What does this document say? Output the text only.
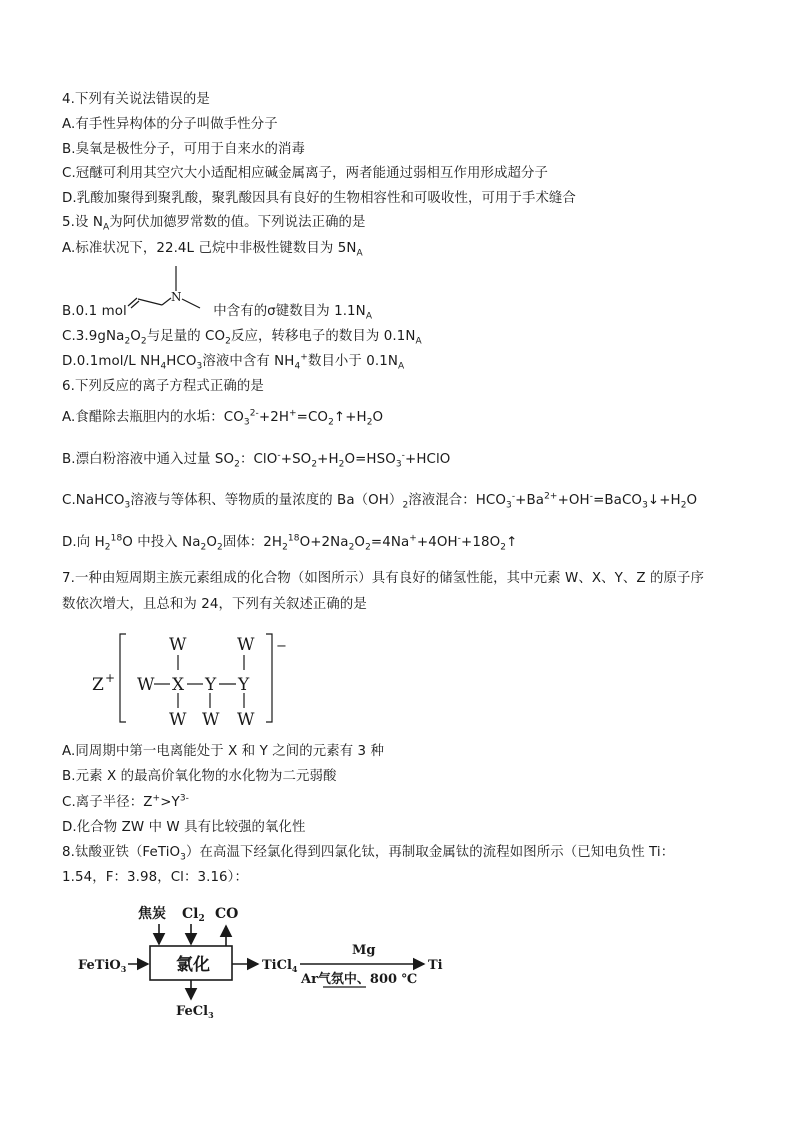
4.下列有关说法错误的是
A.有手性异构体的分子叫做手性分子
B.臭氧是极性分子，可用于自来水的消毒
C.冠醚可利用其空穴大小适配相应碱金属离子，两者能通过弱相互作用形成超分子
D.乳酸加聚得到聚乳酸，聚乳酸因具有良好的生物相容性和可吸收性，可用于手术缝合
5.设 $N_A$为阿伏加德罗常数的值。下列说法正确的是
A.标准状况下，22.4L 己烷中非极性键数目为 $5N_A$
B.0.1 mol	中含有的σ键数目为 $1.1N_A$
N
$C.3.9gNa_2O_2$与足量的 $CO_2$反应，转移电子的数目为 $0.1N_A$
D.0.1mol/L $NH_4HCO_3$溶液中含有 $NH_4^+$数目小于 $0.1N_A$
6.下列反应的离子方程式正确的是
A.食醋除去瓶胆内的水垢：$CO_3^{2-}+2H^+=CO_2↑+H_2O$
B.漂白粉溶液中通入过量 $SO_2$：$ClO^-+SO_2+H_2O=HSO_3^-+HClO$
C.NaHCO$_3$溶液与等体积、等物质的量浓度的 $Ba(OH)_2$溶液混合：$HCO_3^-+Ba^{2+}+OH^-=BaCO_3↓+H_2O$
D.向 $H_2^{18}O$ 中投入 $Na_2O_2$固体：$2H_2^{18}O+2Na_2O_2=4Na^++4OH^-+18O_2↑$
7.一种由短周期主族元素组成的化合物（如图所示）具有良好的储氢性能，其中元素 W、X、Y、Z 的原子序
数依次增大，且总和为 24，下列有关叙述正确的是
Z +
W
W X Y Y
W
W W W
−
A.同周期中第一电离能处于 X 和 Y 之间的元素有 3 种
B.元素 X 的最高价氧化物的水化物为二元弱酸
C.离子半径：$Z^+>Y^{3-}$
D.化合物 ZW 中 W 具有比较强的氧化性
8.钛酸亚铁（FeTiO$_3$）在高温下经氯化得到四氯化钛，再制取金属钛的流程如图所示（已知电负性 Ti：
1.54，F：3.98，Cl：3.16）：
焦炭 $Cl_2$ CO
FeTiO$_3$	氯化	TiCl$_4$
Mg
Ar气氛中、800 ℃
Ti
FeCl$_3$
